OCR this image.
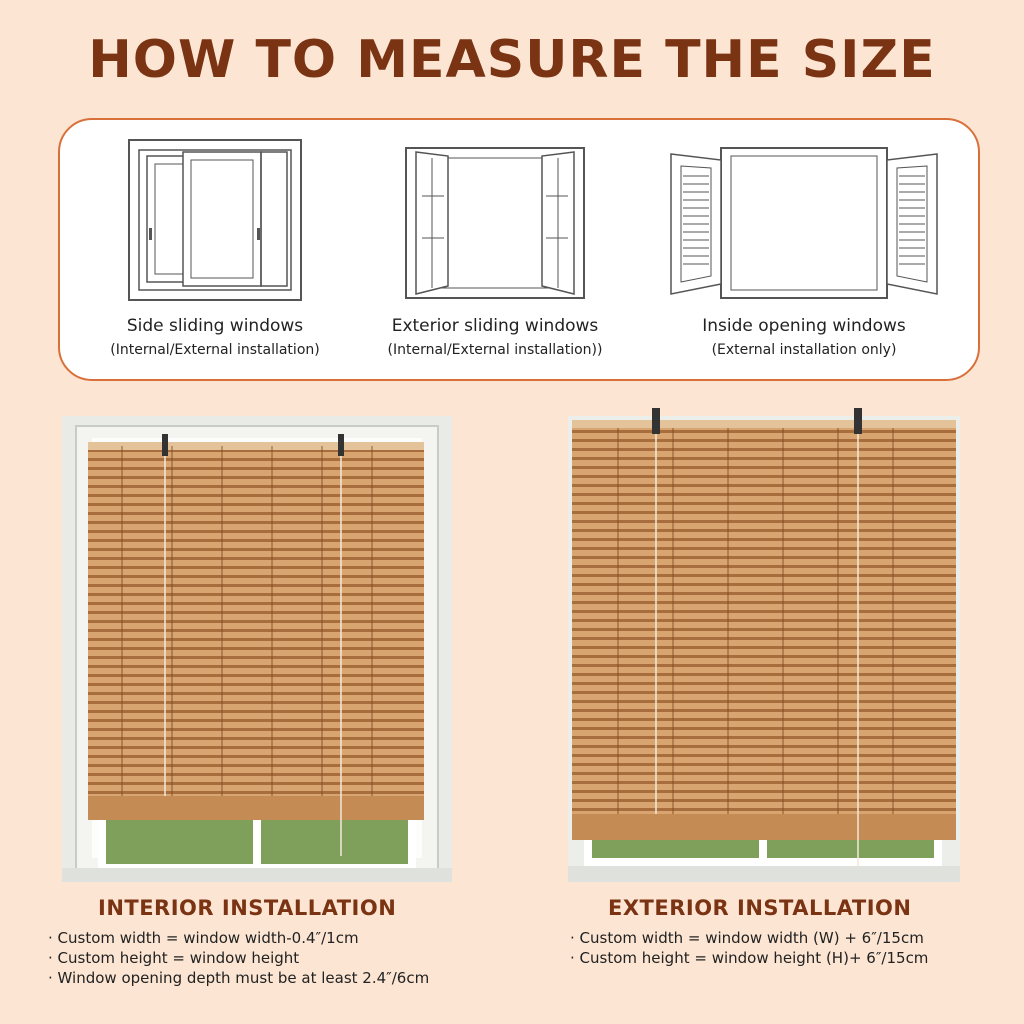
HOW TO MEASURE THE SIZE
Side sliding windows
(Internal/External installation)
Exterior sliding windows
(Internal/External installation))
Inside opening windows
(External installation only)
INTERIOR INSTALLATION
· Custom width = window width-0.4″/1cm
· Custom height = window height
· Window opening depth must be at least 2.4″/6cm
EXTERIOR INSTALLATION
· Custom width = window width (W) + 6″/15cm
· Custom height = window height (H)+ 6″/15cm
